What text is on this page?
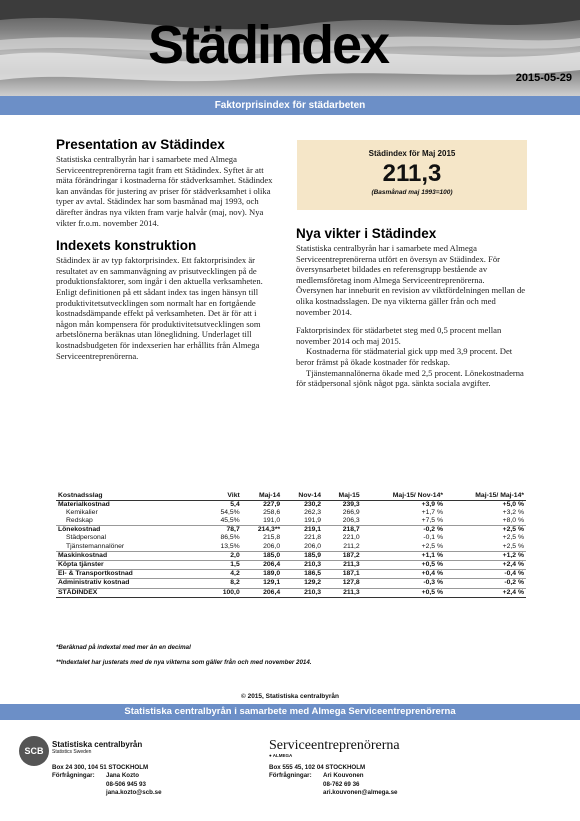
Städindex
2015-05-29
Faktorprisindex för städarbeten
Presentation av Städindex

Statistiska centralbyrån har i samarbete med Almega Serviceentreprenörerna tagit fram ett Städindex. Syftet är att mäta förändringar i kostnaderna för städverksamhet. Städindex kan användas för justering av priser för städverksamhet i olika typer av avtal. Städindex har som basmånad maj 1993, och därefter ändras nya vikten fram varje halvår (maj, nov). Nya vikter fr.o.m. november 2014.

Indexets konstruktion

Städindex är av typ faktorprisindex. Ett faktorprisindex är resultatet av en sammanvägning av prisutvecklingen på de produktionsfaktorer, som ingår i den aktuella verksamheten. Enligt definitionen på ett sådant index tas ingen hänsyn till produktivitetsutvecklingen som normalt har en fortgående kostnadsdämpande effekt på verksamheten. Det är för att i någon mån kompensera för produktivitetsutvecklingen som arbetslönerna beräknas utan löneglidning. Underlaget till kostnadsbudgeten för indexserien har erhållits från Almega Serviceentreprenörerna.

Städindex för Maj 2015
211,3
(Basmånad maj 1993=100)
Nya vikter i Städindex

Statistiska centralbyrån har i samarbete med Almega Serviceentreprenörerna utfört en översyn av Städindex. För översynsarbetet bildades en referensgrupp bestående av medlemsföretag inom Almega Serviceentreprenörerna.

Översynen har inneburit en revision av viktfördelningen mellan de olika kostnadsslagen. De nya vikterna gäller från och med november 2014.

Faktorprisindex för städarbetet steg med 0,5 procent mellan november 2014 och maj 2015.

Kostnaderna för städmaterial gick upp med 3,9 procent. Det beror främst på ökade kostnader för redskap.

Tjänstemannalönerna ökade med 2,5 procent. Lönekostnaderna för städpersonal sjönk något pga. sänkta sociala avgifter.

Kostnadsslag	Vikt	Maj-14	Nov-14	Maj-15	Maj-15/ Nov-14*	Maj-15/ Maj-14*
Materialkostnad	5,4	227,9	230,2	239,3	+3,9 %	+5,0 %
Kemikalier	54,5%	258,6	262,3	266,9	+1,7 %	+3,2 %
Redskap	45,5%	191,0	191,9	206,3	+7,5 %	+8,0 %
Lönekostnad	78,7	214,3**	219,1	218,7	-0,2 %	+2,5 %
Städpersonal	86,5%	215,8	221,8	221,0	-0,1 %	+2,5 %
Tjänstemannalöner	13,5%	206,0	206,0	211,2	+2,5 %	+2,5 %
Maskinkostnad	2,0	185,0	185,9	187,2	+1,1 %	+1,2 %
Köpta tjänster	1,5	206,4	210,3	211,3	+0,5 %	+2,4 %
El- & Transportkostnad	4,2	189,0	186,5	187,1	+0,4 %	-0,4 %
Administrativ kostnad	8,2	129,1	129,2	127,8	-0,3 %	-0,2 %
STÄDINDEX	100,0	206,4	210,3	211,3	+0,5 %	+2,4 %
*Beräknad på indextal med mer än en decimal
**Indextalet har justerats med de nya vikterna som gäller från och med november 2014.
© 2015, Statistiska centralbyrån
Statistiska centralbyrån i samarbete med Almega Serviceentreprenörerna
SCB
Statistiska centralbyrån
Statistics Sweden
Box 24 300, 104 51 STOCKHOLM
Förfrågningar: Jana Kozto
08-506 945 93
jana.kozto@scb.se
Serviceentreprenörerna
● ALMEGA
Box 555 45, 102 04 STOCKHOLM
Förfrågningar: Ari Kouvonen
08-762 69 36
ari.kouvonen@almega.se
